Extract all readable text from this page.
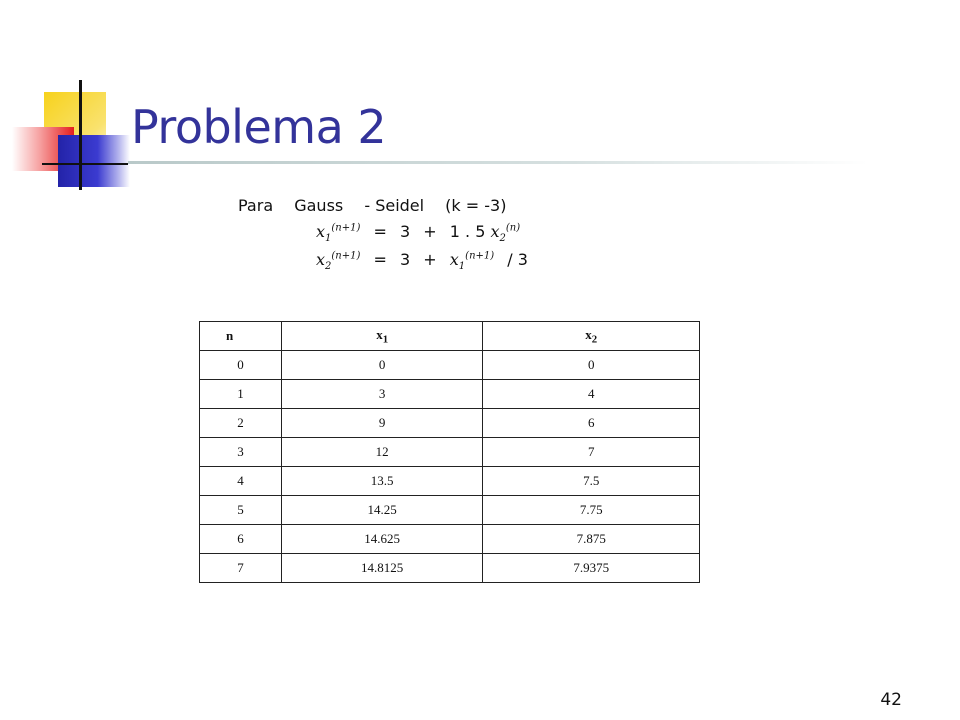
Problema 2
Para Gauss - Seidel (k = -3)
$x_1^{(n+1)} = 3 + 1$ . 5 $x_2^{(n)}$
$x_2^{(n+1)} = 3 + x_1^{(n+1)} / 3$
n	$x_1$	$x_2$
0	0	0
1	3	4
2	9	6
3	12	7
4	13.5	7.5
5	14.25	7.75
6	14.625	7.875
7	14.8125	7.9375
42
